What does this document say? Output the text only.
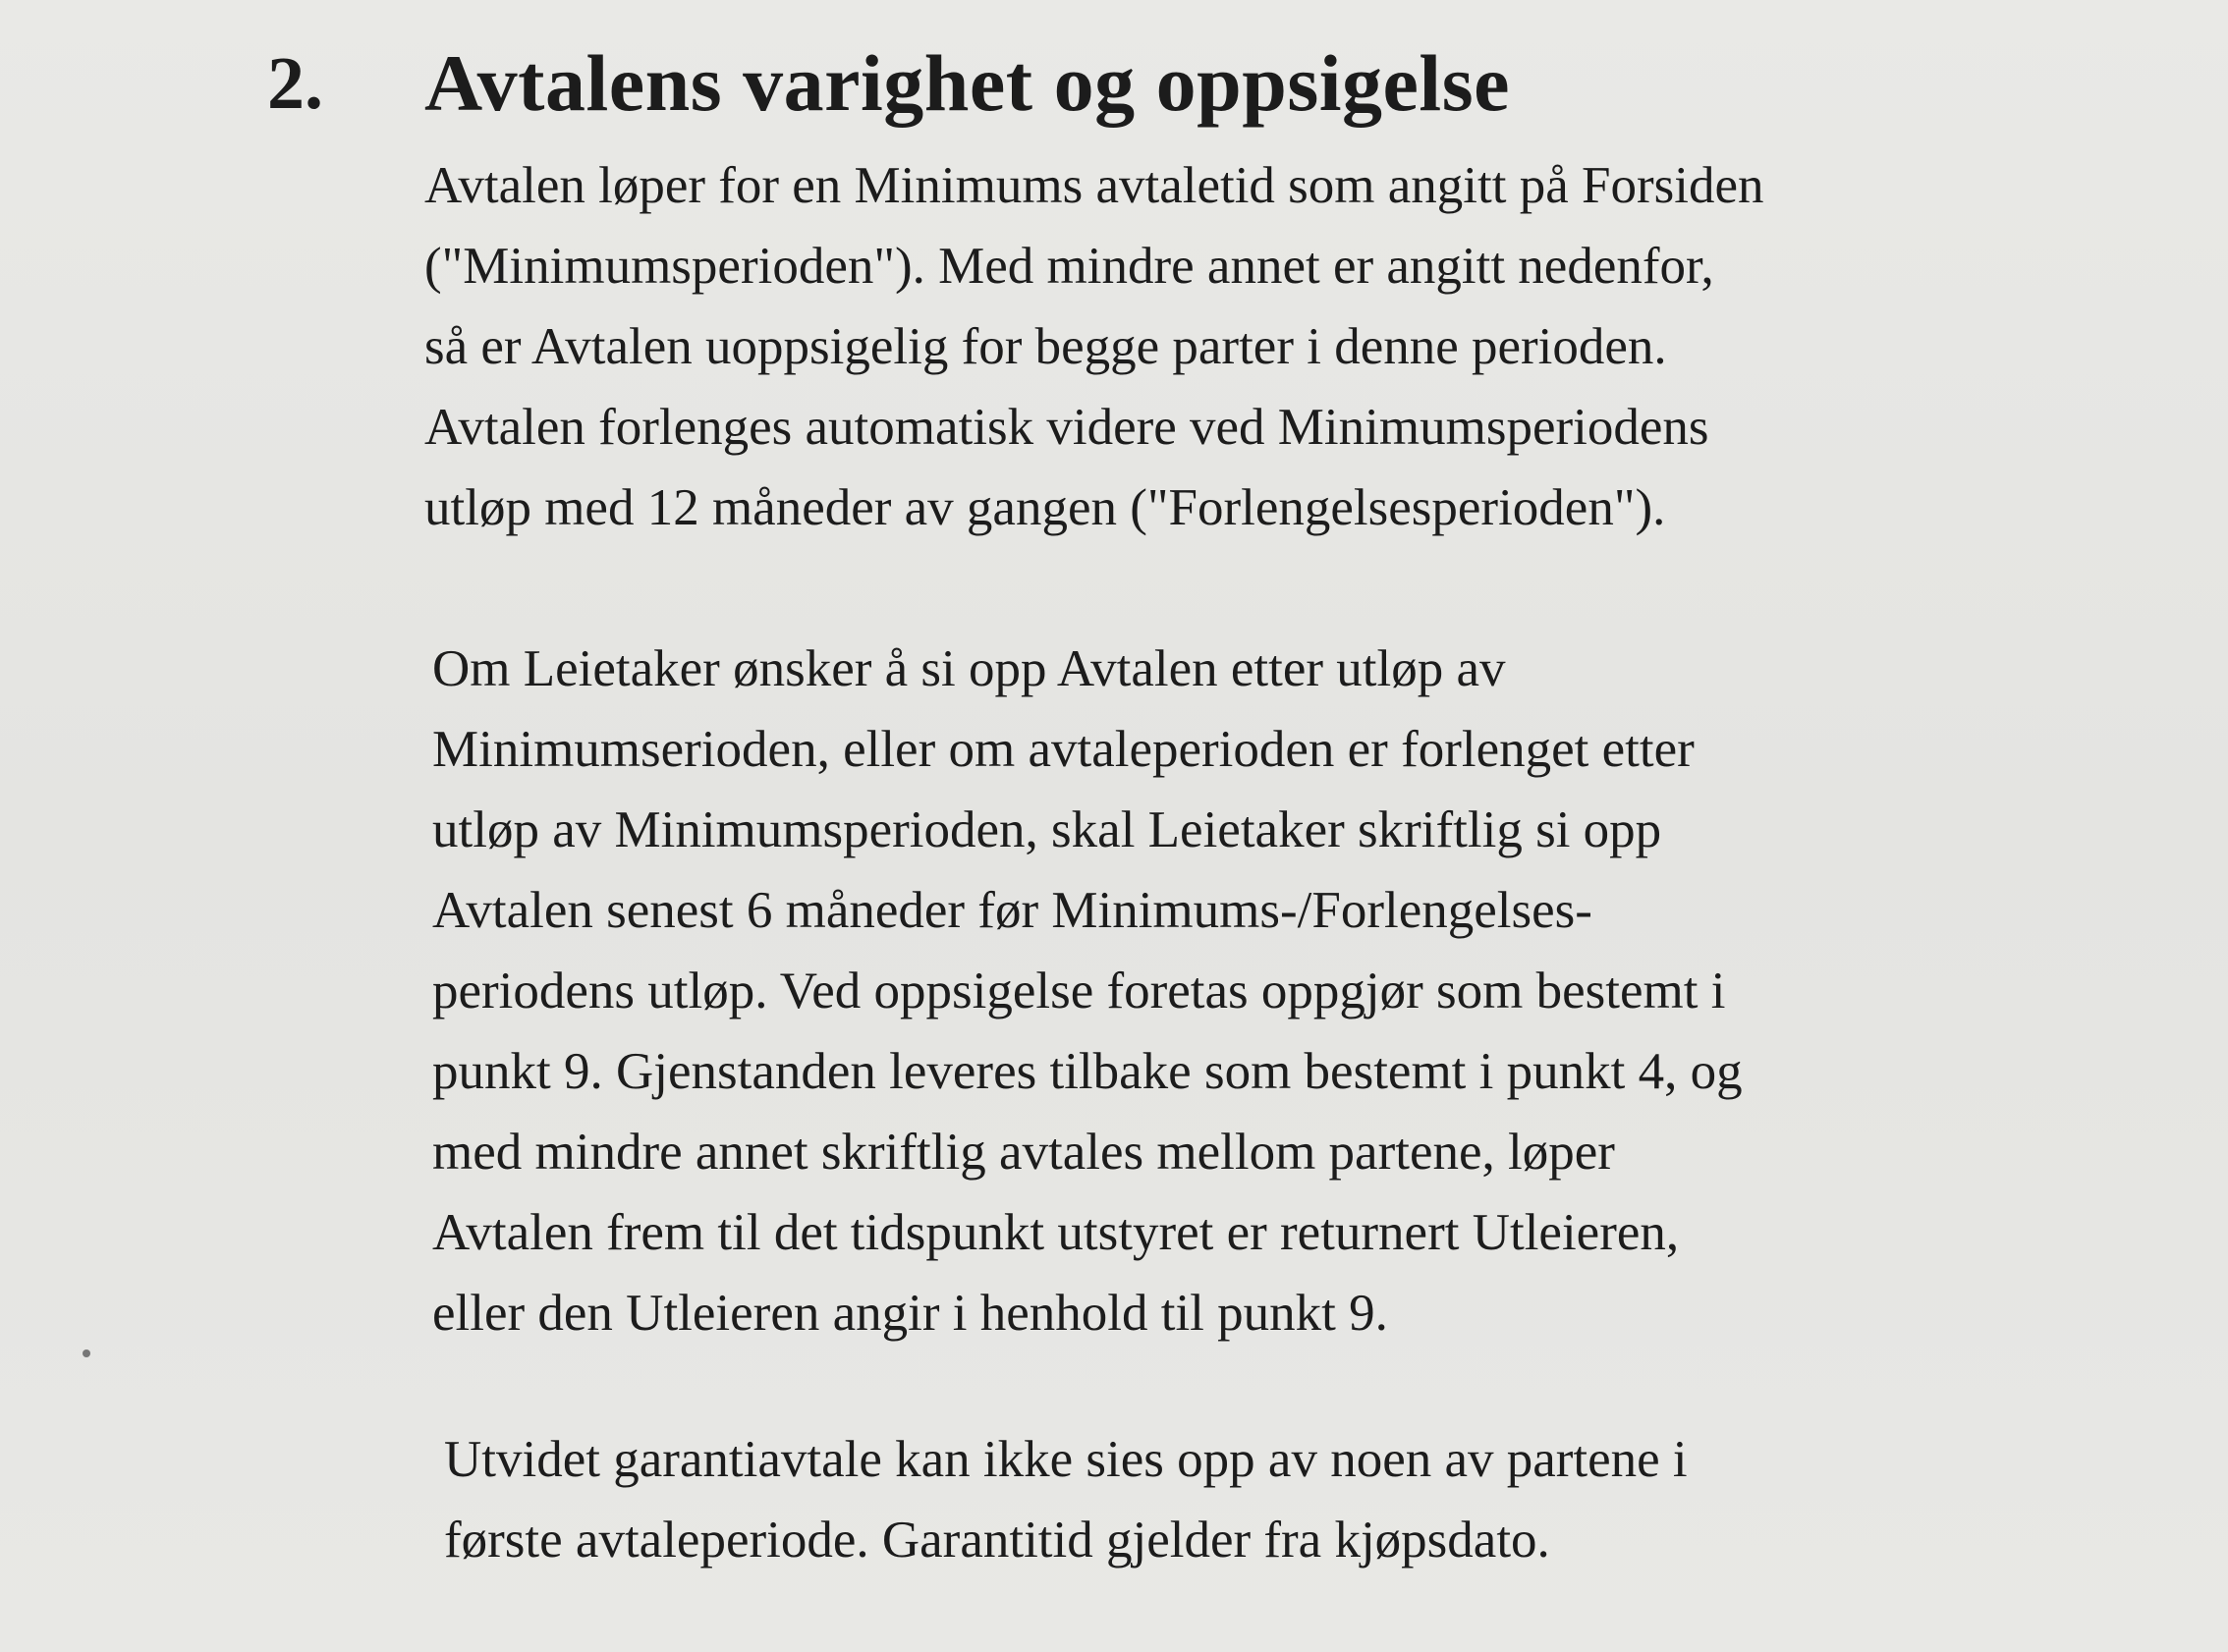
2.	Avtalens varighet og oppsigelse
Avtalen løper for en Minimums avtaletid som angitt på Forsiden
("Minimumsperioden"). Med mindre annet er angitt nedenfor,
så er Avtalen uoppsigelig for begge parter i denne perioden.
Avtalen forlenges automatisk videre ved Minimumsperiodens
utløp med 12 måneder av gangen ("Forlengelsesperioden").
Om Leietaker ønsker å si opp Avtalen etter utløp av
Minimumserioden, eller om avtaleperioden er forlenget etter
utløp av Minimumsperioden, skal Leietaker skriftlig si opp
Avtalen senest 6 måneder før Minimums-/Forlengelses-
periodens utløp. Ved oppsigelse foretas oppgjør som bestemt i
punkt 9. Gjenstanden leveres tilbake som bestemt i punkt 4, og
med mindre annet skriftlig avtales mellom partene, løper
Avtalen frem til det tidspunkt utstyret er returnert Utleieren,
eller den Utleieren angir i henhold til punkt 9.
Utvidet garantiavtale kan ikke sies opp av noen av partene i
første avtaleperiode. Garantitid gjelder fra kjøpsdato.
